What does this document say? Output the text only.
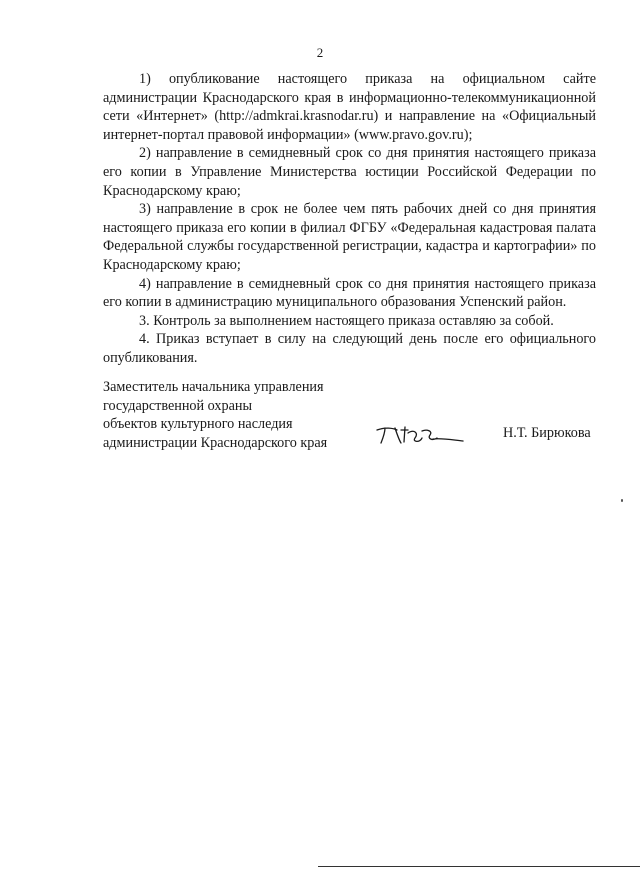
2

1) опубликование настоящего приказа на официальном сайте администрации Краснодарского края в информационно-телекоммуникационной сети «Интернет» (http://admkrai.krasnodar.ru) и направление на «Официальный интернет-портал правовой информации» (www.pravo.gov.ru);

2) направление в семидневный срок со дня принятия настоящего приказа его копии в Управление Министерства юстиции Российской Федерации по Краснодарскому краю;

3) направление в срок не более чем пять рабочих дней со дня принятия настоящего приказа его копии в филиал ФГБУ «Федеральная кадастровая палата Федеральной службы государственной регистрации, кадастра и картографии» по Краснодарскому краю;

4) направление в семидневный срок со дня принятия настоящего приказа его копии в администрацию муниципального образования Успенский район.

3. Контроль за выполнением настоящего приказа оставляю за собой.

4. Приказ вступает в силу на следующий день после его официального опубликования.

Заместитель начальника управления
государственной охраны
объектов культурного наследия
администрации Краснодарского края
Н.Т. Бирюкова
